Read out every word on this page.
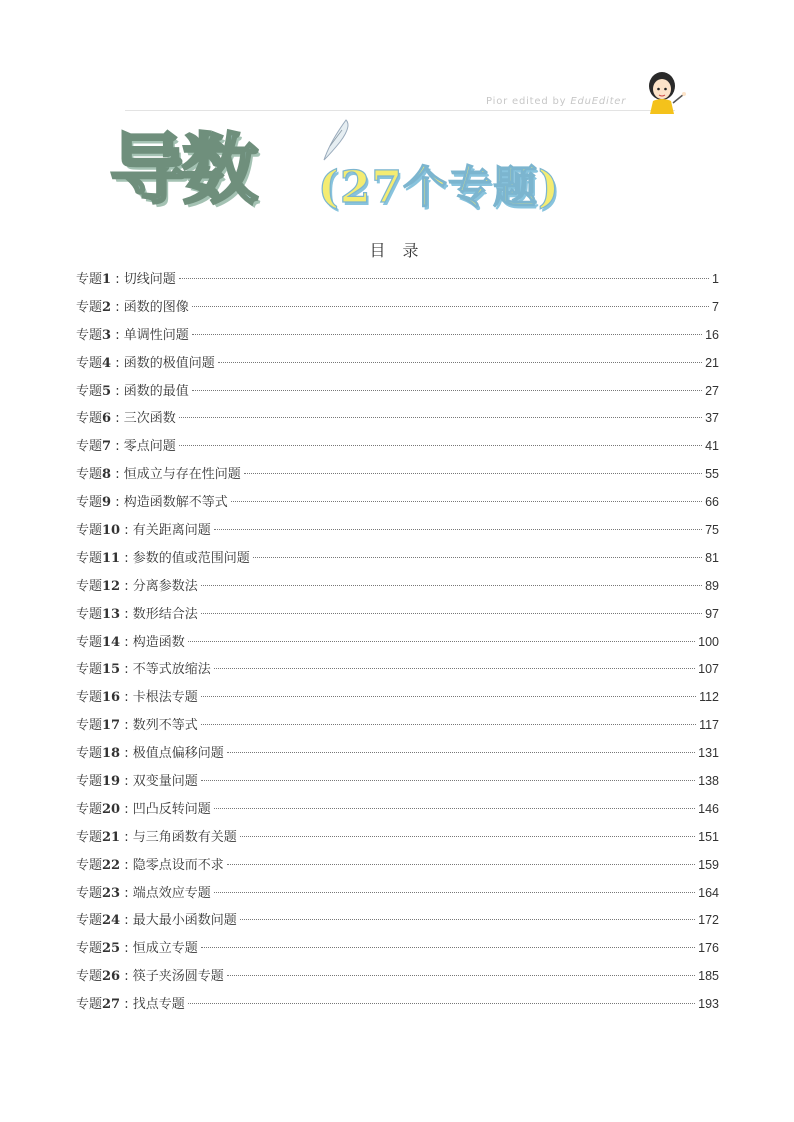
Pior edited by EduEditer
导数 (27个专题)
目 录
专题1 : 切线问题	1
专题2 : 函数的图像	7
专题3 : 单调性问题	16
专题4 : 函数的极值问题	21
专题5 : 函数的最值	27
专题6 : 三次函数	37
专题7 : 零点问题	41
专题8 : 恒成立与存在性问题	55
专题9 : 构造函数解不等式	66
专题10 : 有关距离问题	75
专题11 : 参数的值或范围问题	81
专题12 : 分离参数法	89
专题13 : 数形结合法	97
专题14 : 构造函数	100
专题15 : 不等式放缩法	107
专题16 : 卡根法专题	112
专题17 : 数列不等式	117
专题18 : 极值点偏移问题	131
专题19 : 双变量问题	138
专题20 : 凹凸反转问题	146
专题21 : 与三角函数有关题	151
专题22 : 隐零点设而不求	159
专题23 : 端点效应专题	164
专题24 : 最大最小函数问题	172
专题25 : 恒成立专题	176
专题26 : 筷子夹汤圆专题	185
专题27 : 找点专题	193
